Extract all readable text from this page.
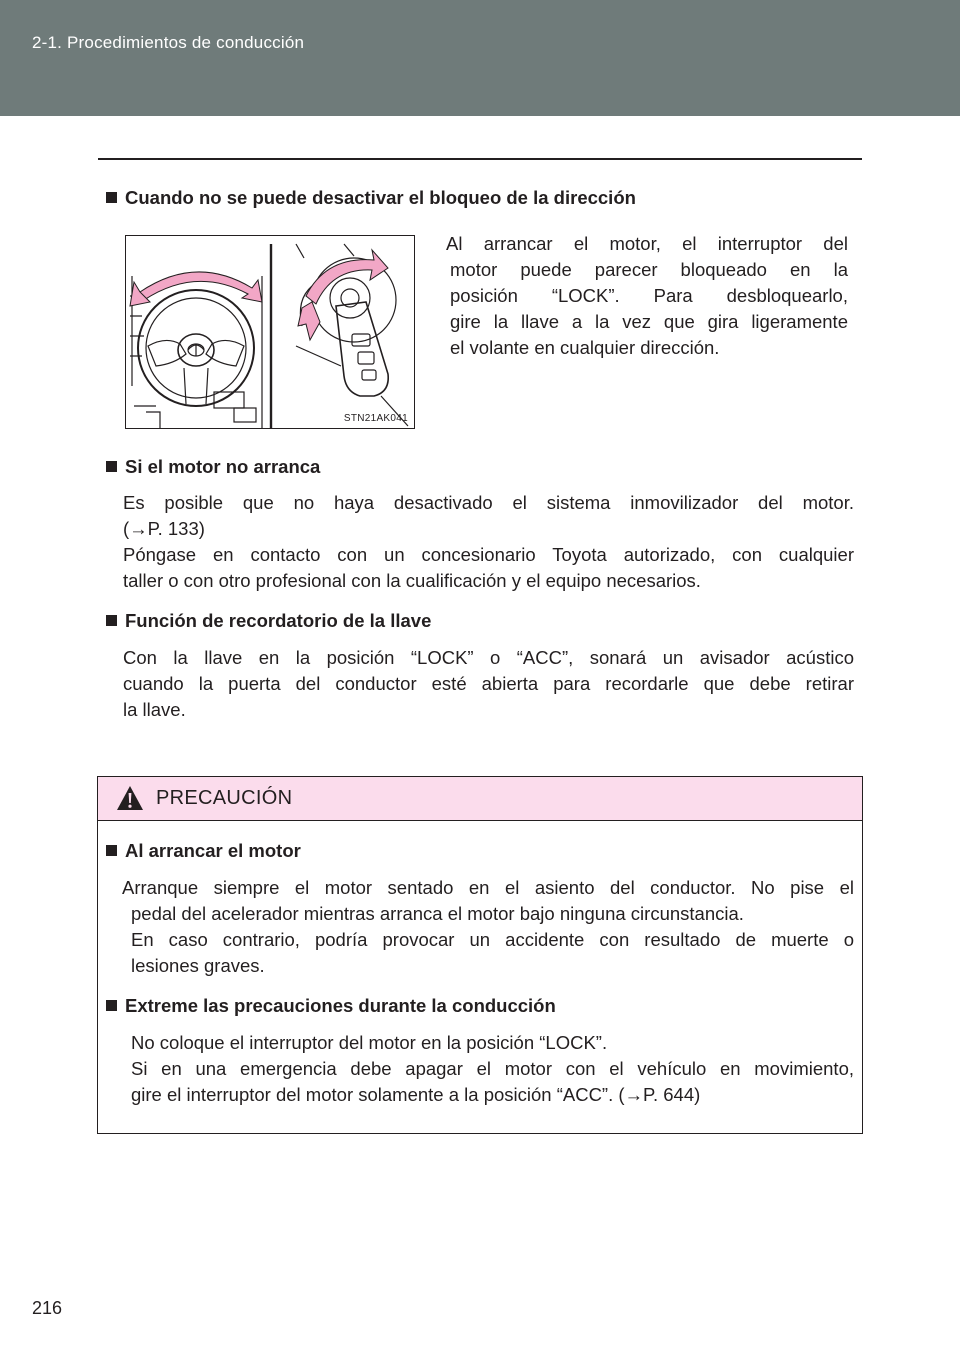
2-1. Procedimientos de conducción
Cuando no se puede desactivar el bloqueo de la dirección
STN21AK041
Al arrancar el motor, el interruptor del
motor puede parecer bloqueado en la
posición “LOCK”. Para desbloquearlo,
gire la llave a la vez que gira ligeramente
el volante en cualquier dirección.
Si el motor no arranca
Es posible que no haya desactivado el sistema inmovilizador del motor.
(→P. 133)
Póngase en contacto con un concesionario Toyota autorizado, con cualquier
taller o con otro profesional con la cualificación y el equipo necesarios.
Función de recordatorio de la llave
Con la llave en la posición “LOCK” o “ACC”, sonará un avisador acústico
cuando la puerta del conductor esté abierta para recordarle que debe retirar
la llave.
PRECAUCIÓN
Al arrancar el motor
Arranque siempre el motor sentado en el asiento del conductor. No pise el
pedal del acelerador mientras arranca el motor bajo ninguna circunstancia.
En caso contrario, podría provocar un accidente con resultado de muerte o
lesiones graves.
Extreme las precauciones durante la conducción
No coloque el interruptor del motor en la posición “LOCK”.
Si en una emergencia debe apagar el motor con el vehículo en movimiento,
gire el interruptor del motor solamente a la posición “ACC”. (→P. 644)
216
